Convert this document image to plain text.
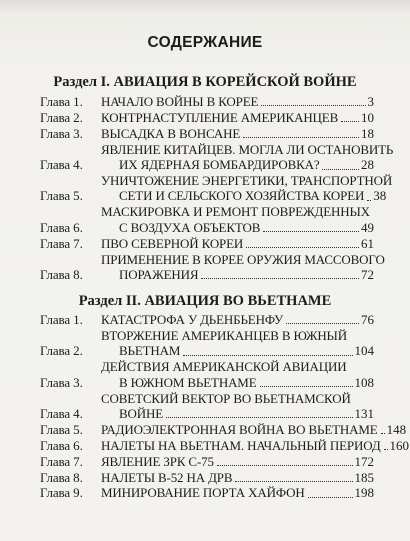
СОДЕРЖАНИЕ
Раздел I. АВИАЦИЯ В КОРЕЙСКОЙ ВОЙНЕ
Глава 1.	НАЧАЛО ВОЙНЫ В КОРЕЕ	3
Глава 2.	КОНТРНАСТУПЛЕНИЕ АМЕРИКАНЦЕВ 10
Глава 3.	ВЫСАДКА В ВОНСАНЕ	18
Глава 4.
ЯВЛЕНИЕ КИТАЙЦЕВ. МОГЛА ЛИ ОСТАНОВИТЬ
ИХ ЯДЕРНАЯ БОМБАРДИРОВКА?	28
Глава 5.
УНИЧТОЖЕНИЕ ЭНЕРГЕТИКИ, ТРАНСПОРТНОЙ
СЕТИ И СЕЛЬСКОГО ХОЗЯЙСТВА КОРЕИ 38
Глава 6.
МАСКИРОВКА И РЕМОНТ ПОВРЕЖДЕННЫХ
С ВОЗДУХА ОБЪЕКТОВ	49
Глава 7.	ПВО СЕВЕРНОЙ КОРЕИ	61
Глава 8.
ПРИМЕНЕНИЕ В КОРЕЕ ОРУЖИЯ МАССОВОГО
ПОРАЖЕНИЯ	72
Раздел II. АВИАЦИЯ ВО ВЬЕТНАМЕ
Глава 1.	КАТАСТРОФА У ДЬЕНБЬЕНФУ	76
Глава 2.
ВТОРЖЕНИЕ АМЕРИКАНЦЕВ В ЮЖНЫЙ
ВЬЕТНАМ	104
Глава 3.
ДЕЙСТВИЯ АМЕРИКАНСКОЙ АВИАЦИИ
В ЮЖНОМ ВЬЕТНАМЕ	108
Глава 4.
СОВЕТСКИЙ ВЕКТОР ВО ВЬЕТНАМСКОЙ
ВОЙНЕ	131
Глава 5.	РАДИОЭЛЕКТРОННАЯ ВОЙНА ВО ВЬЕТНАМЕ 148
Глава 6.	НАЛЕТЫ НА ВЬЕТНАМ. НАЧАЛЬНЫЙ ПЕРИОД 160
Глава 7.	ЯВЛЕНИЕ ЗРК С-75	172
Глава 8.	НАЛЕТЫ В-52 НА ДРВ	185
Глава 9.	МИНИРОВАНИЕ ПОРТА ХАЙФОН	198
